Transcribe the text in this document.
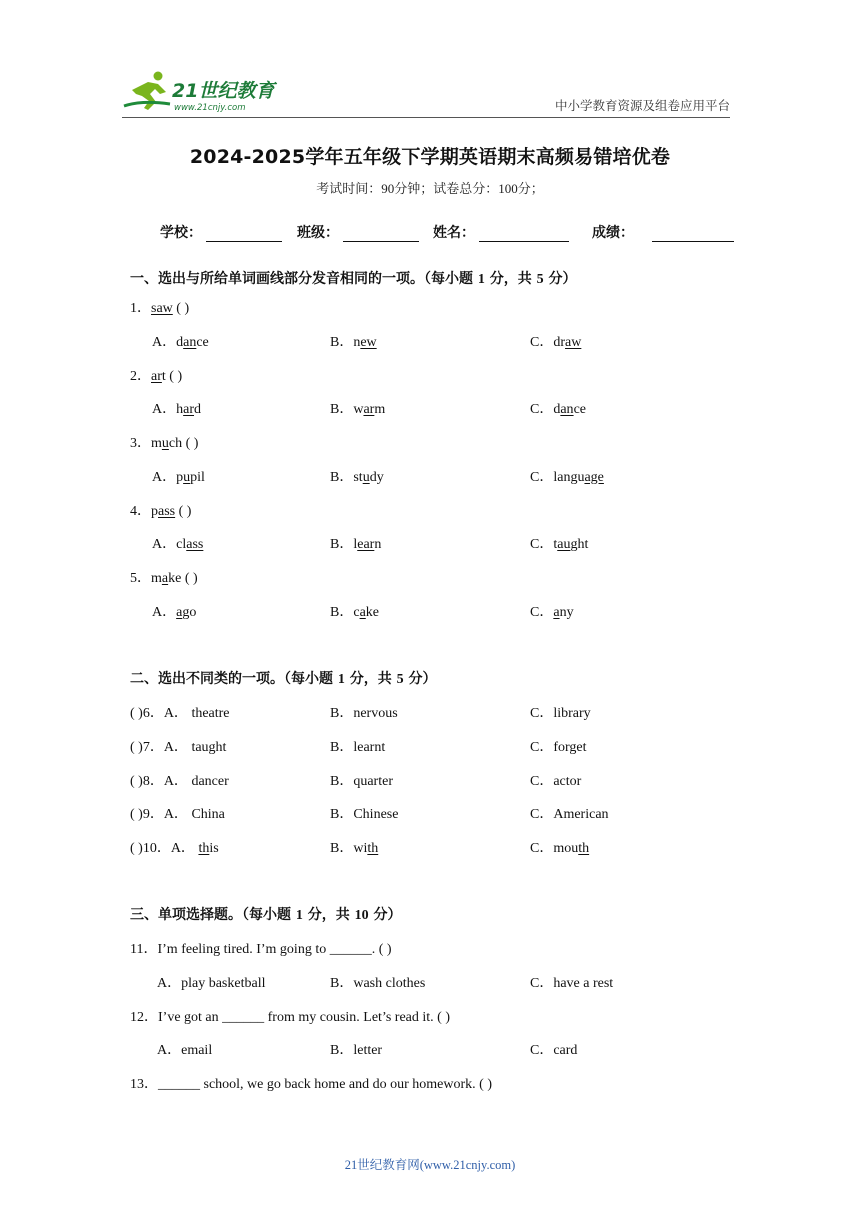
21世纪教育
www.21cnjy.com	中小学教育资源及组卷应用平台
2024-2025学年五年级下学期英语期末高频易错培优卷
考试时间：90分钟；试卷总分：100分；
学校：	班级：	姓名：	成绩：
一、选出与所给单词画线部分发音相同的一项。（每小题 1 分，共 5 分）
1．saw ( )
A．dance	B．new	C．draw
2．art ( )
A．hard	B．warm	C．dance
3．much ( )
A．pupil	B．study	C．language
4．pass ( )
A．class	B．learn	C．taught
5．make ( )
A．ago	B．cake	C．any
二、选出不同类的一项。（每小题 1 分，共 5 分）
( )6．A． theatre	B．nervous	C．library
( )7．A． taught	B．learnt	C．forget
( )8．A． dancer	B．quarter	C．actor
( )9．A． China	B．Chinese	C．American
( )10．A． this	B．with	C．mouth
三、单项选择题。（每小题 1 分，共 10 分）
11．I’m feeling tired. I’m going to ______. ( )
A．play basketball	B．wash clothes	C．have a rest
12．I’ve got an ______ from my cousin. Let’s read it. ( )
A．email	B．letter	C．card
13．______ school, we go back home and do our homework. ( )
21世纪教育网(www.21cnjy.com)
